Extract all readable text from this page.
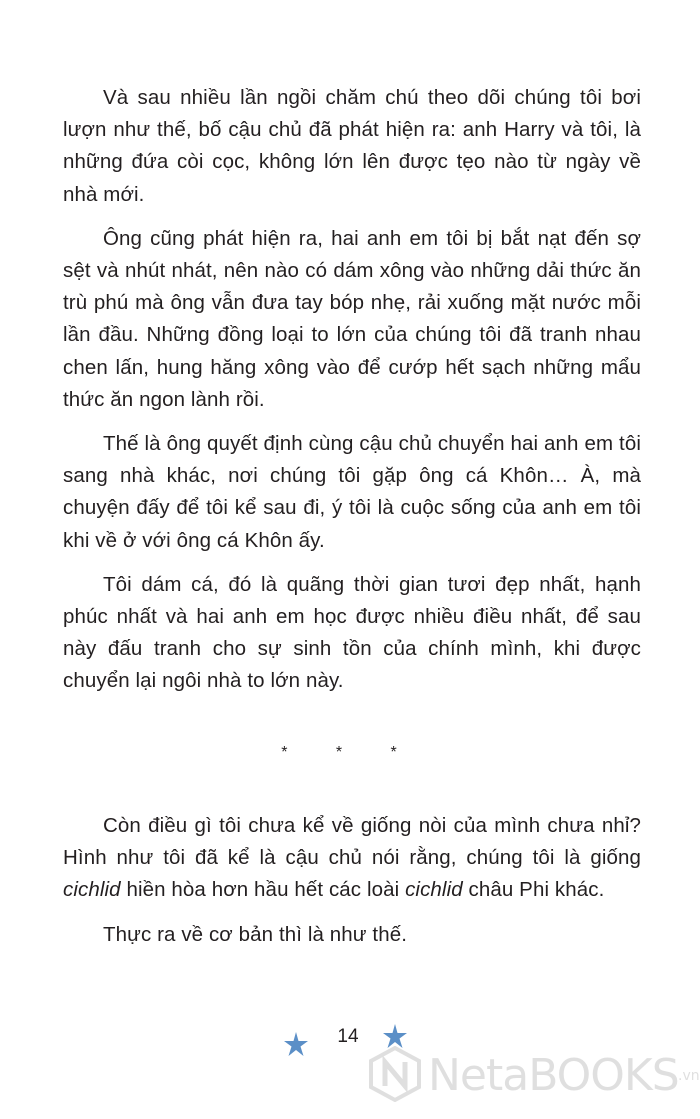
Và sau nhiều lần ngồi chăm chú theo dõi chúng tôi bơi lượn như thế, bố cậu chủ đã phát hiện ra: anh Harry và tôi, là những đứa còi cọc, không lớn lên được tẹo nào từ ngày về nhà mới.

Ông cũng phát hiện ra, hai anh em tôi bị bắt nạt đến sợ sệt và nhút nhát, nên nào có dám xông vào những dải thức ăn trù phú mà ông vẫn đưa tay bóp nhẹ, rải xuống mặt nước mỗi lần đầu. Những đồng loại to lớn của chúng tôi đã tranh nhau chen lấn, hung hăng xông vào để cướp hết sạch những mẩu thức ăn ngon lành rồi.

Thế là ông quyết định cùng cậu chủ chuyển hai anh em tôi sang nhà khác, nơi chúng tôi gặp ông cá Khôn… À, mà chuyện đấy để tôi kể sau đi, ý tôi là cuộc sống của anh em tôi khi về ở với ông cá Khôn ấy.

Tôi dám cá, đó là quãng thời gian tươi đẹp nhất, hạnh phúc nhất và hai anh em học được nhiều điều nhất, để sau này đấu tranh cho sự sinh tồn của chính mình, khi được chuyển lại ngôi nhà to lớn này.

* * *

Còn điều gì tôi chưa kể về giống nòi của mình chưa nhỉ? Hình như tôi đã kể là cậu chủ nói rằng, chúng tôi là giống cichlid hiền hòa hơn hầu hết các loài cichlid châu Phi khác.

Thực ra về cơ bản thì là như thế.

14
NetaBOOKS .vn
